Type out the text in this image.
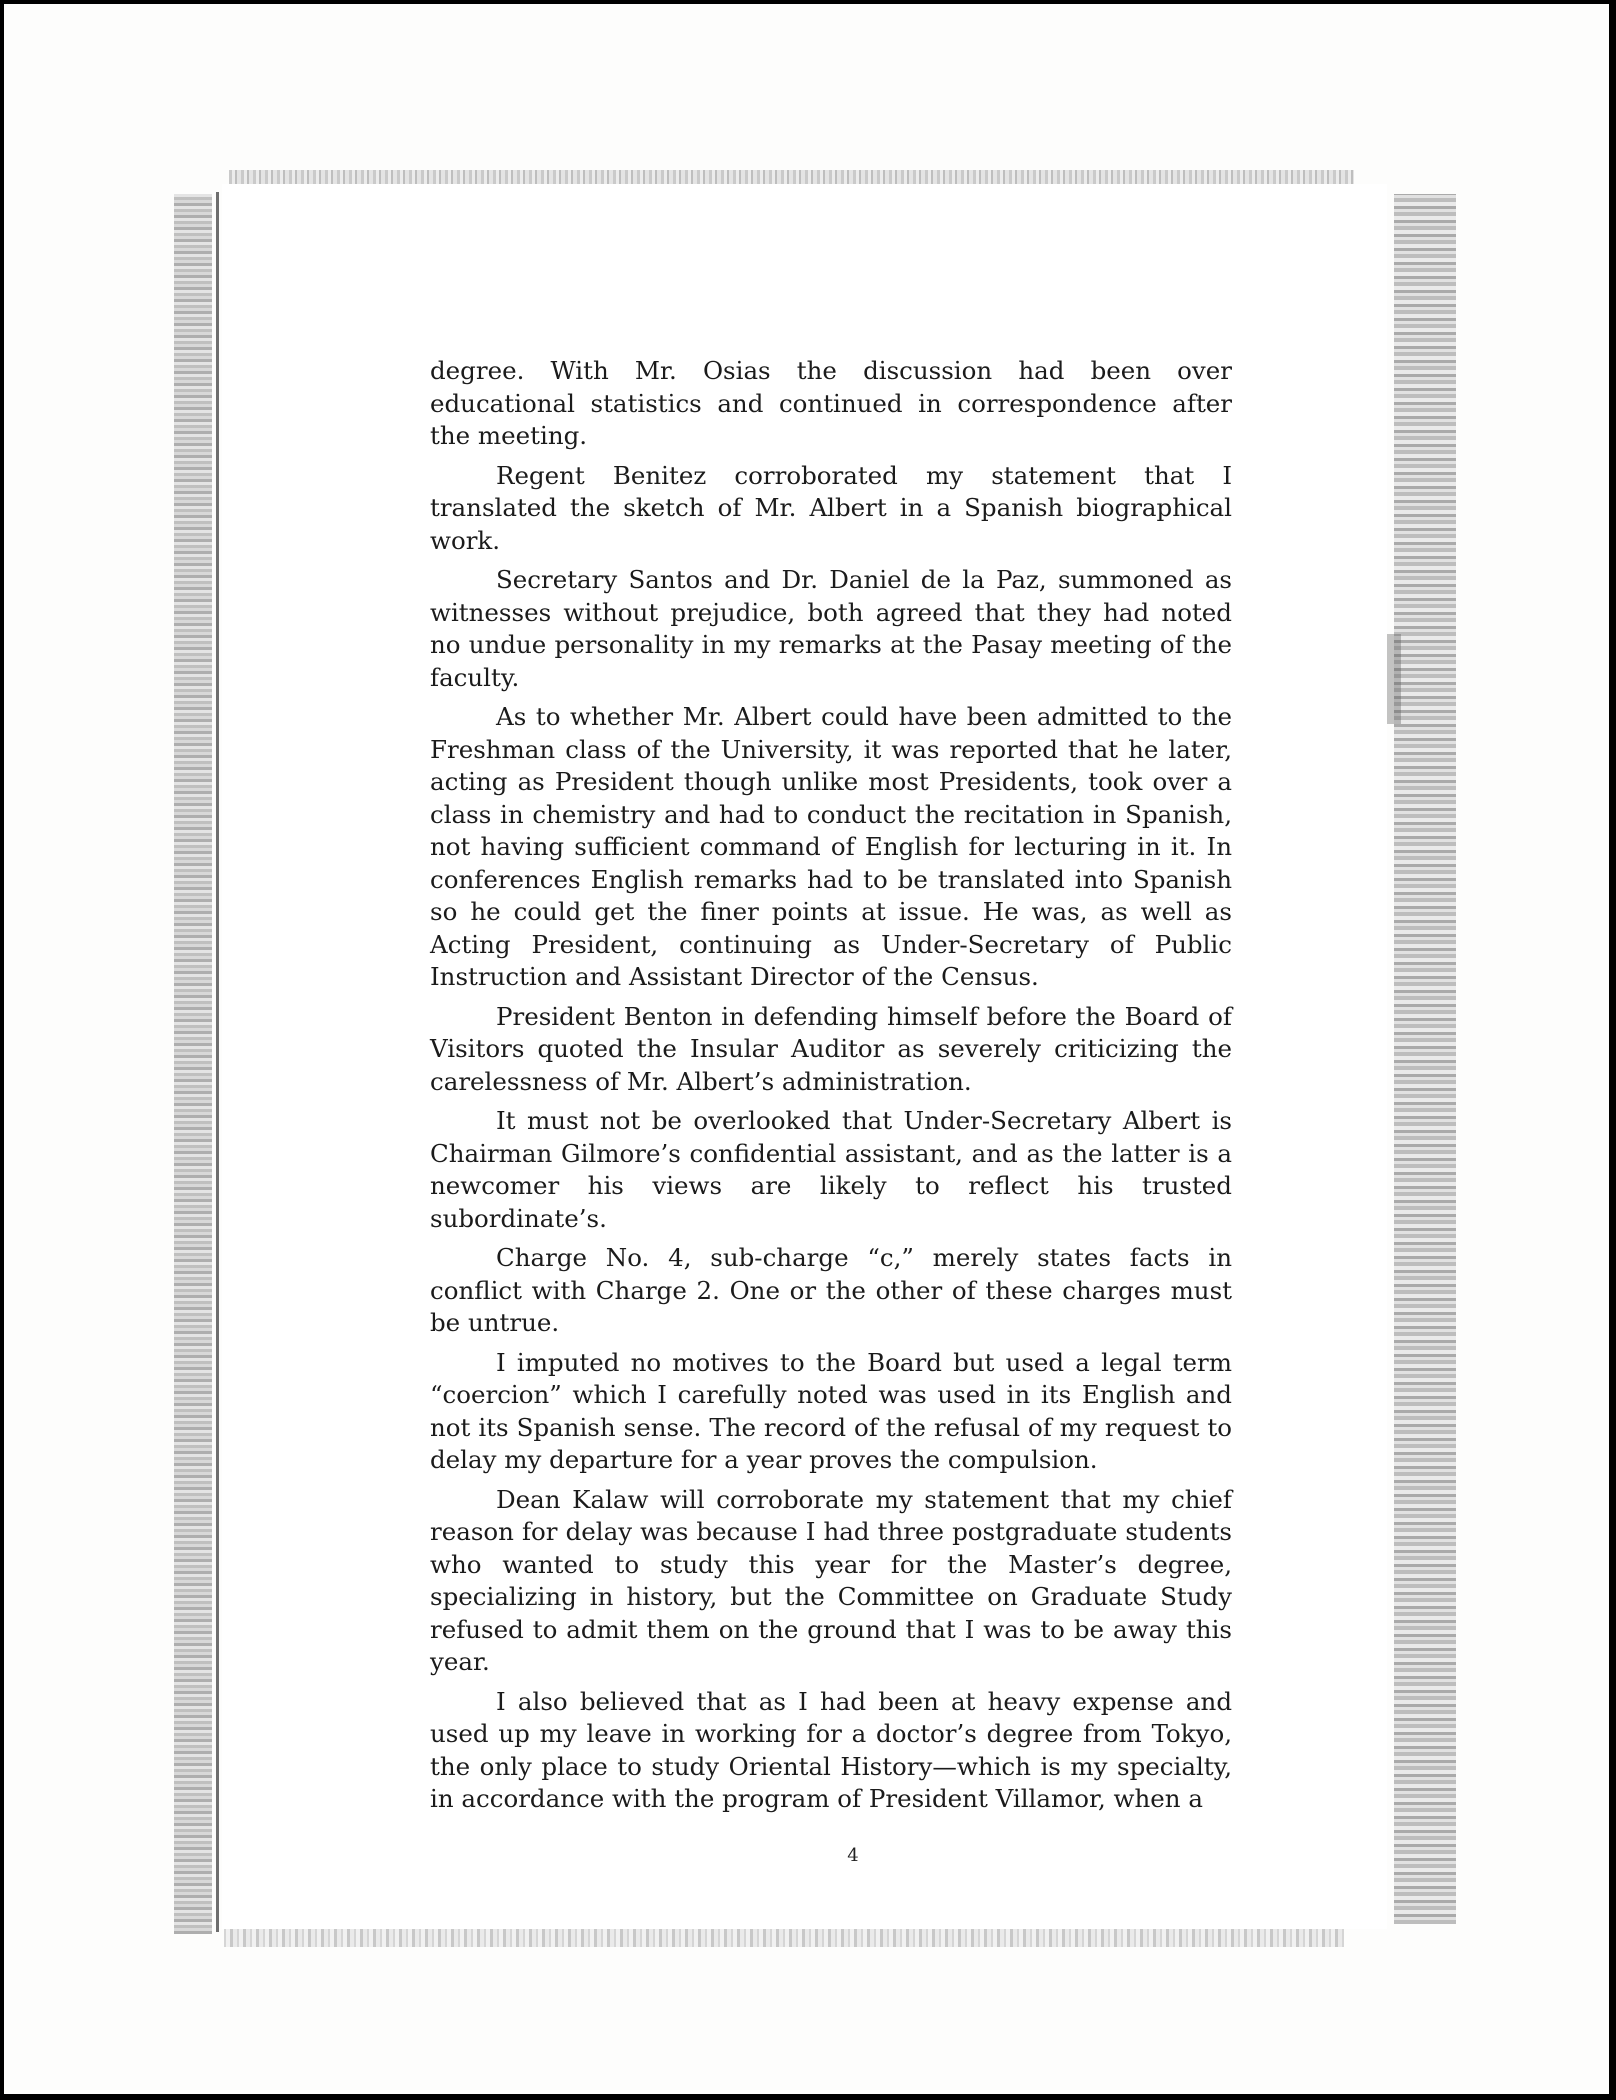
degree. With Mr. Osias the discussion had been over educational statistics and continued in correspondence after the meeting.

Regent Benitez corroborated my statement that I translated the sketch of Mr. Albert in a Spanish biographical work.

Secretary Santos and Dr. Daniel de la Paz, summoned as witnesses without prejudice, both agreed that they had noted no undue personality in my remarks at the Pasay meeting of the faculty.

As to whether Mr. Albert could have been admitted to the Freshman class of the University, it was reported that he later, acting as President though unlike most Presidents, took over a class in chemistry and had to conduct the recitation in Spanish, not having sufficient command of English for lecturing in it. In conferences English remarks had to be translated into Spanish so he could get the finer points at issue. He was, as well as Acting President, continuing as Under-Secretary of Public Instruction and Assistant Director of the Census.

President Benton in defending himself before the Board of Visitors quoted the Insular Auditor as severely criticizing the carelessness of Mr. Albert’s administration.

It must not be overlooked that Under-Secretary Albert is Chairman Gilmore’s confidential assistant, and as the latter is a newcomer his views are likely to reflect his trusted subordinate’s.

Charge No. 4, sub-charge “c,” merely states facts in conflict with Charge 2. One or the other of these charges must be untrue.

I imputed no motives to the Board but used a legal term “coercion” which I carefully noted was used in its English and not its Spanish sense. The record of the refusal of my request to delay my departure for a year proves the compulsion.

Dean Kalaw will corroborate my statement that my chief reason for delay was because I had three postgraduate students who wanted to study this year for the Master’s degree, specializing in history, but the Committee on Graduate Study refused to admit them on the ground that I was to be away this year.

I also believed that as I had been at heavy expense and used up my leave in working for a doctor’s degree from Tokyo, the only place to study Oriental History—which is my specialty, in accordance with the program of President Villamor, when a

4
